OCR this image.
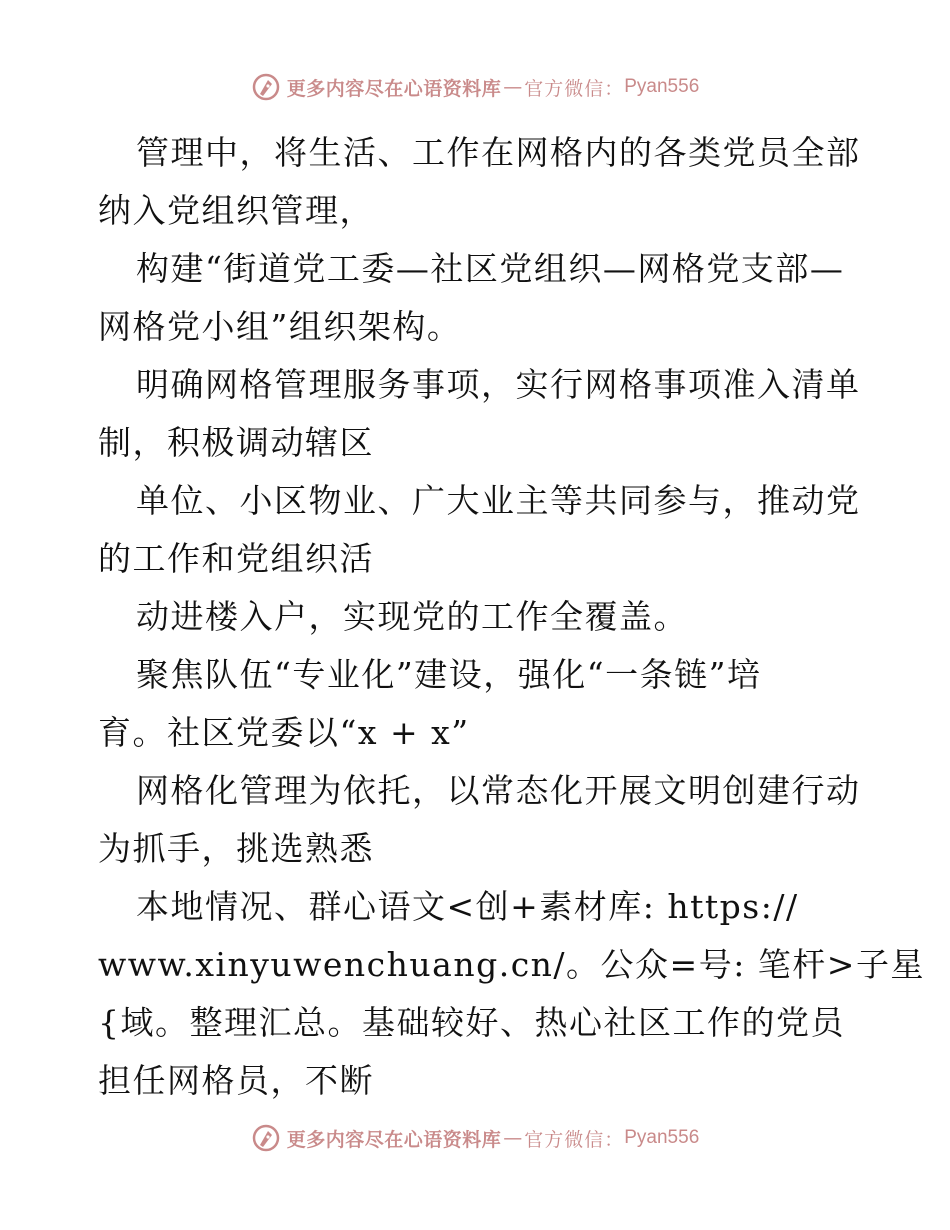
更多内容尽在心语资料库 — 官方微信： Pyan556
管理中，将生活、工作在网格内的各类党员全部
纳入党组织管理，
构建“街道党工委—社区党组织—网格党支部—
网格党小组”组织架构。
明确网格管理服务事项，实行网格事项准入清单
制，积极调动辖区
单位、小区物业、广大业主等共同参与，推动党
的工作和党组织活
动进楼入户，实现党的工作全覆盖。
聚焦队伍“专业化”建设，强化“一条链”培
育。社区党委以“x + x”
网格化管理为依托，以常态化开展文明创建行动
为抓手，挑选熟悉
本地情况、群心语文<创+素材库: https://
www.xinyuwenchuang.cn/。公众=号: 笔杆>子星
{域。整理汇总。基础较好、热心社区工作的党员
担任网格员，不断
更多内容尽在心语资料库 — 官方微信： Pyan556
